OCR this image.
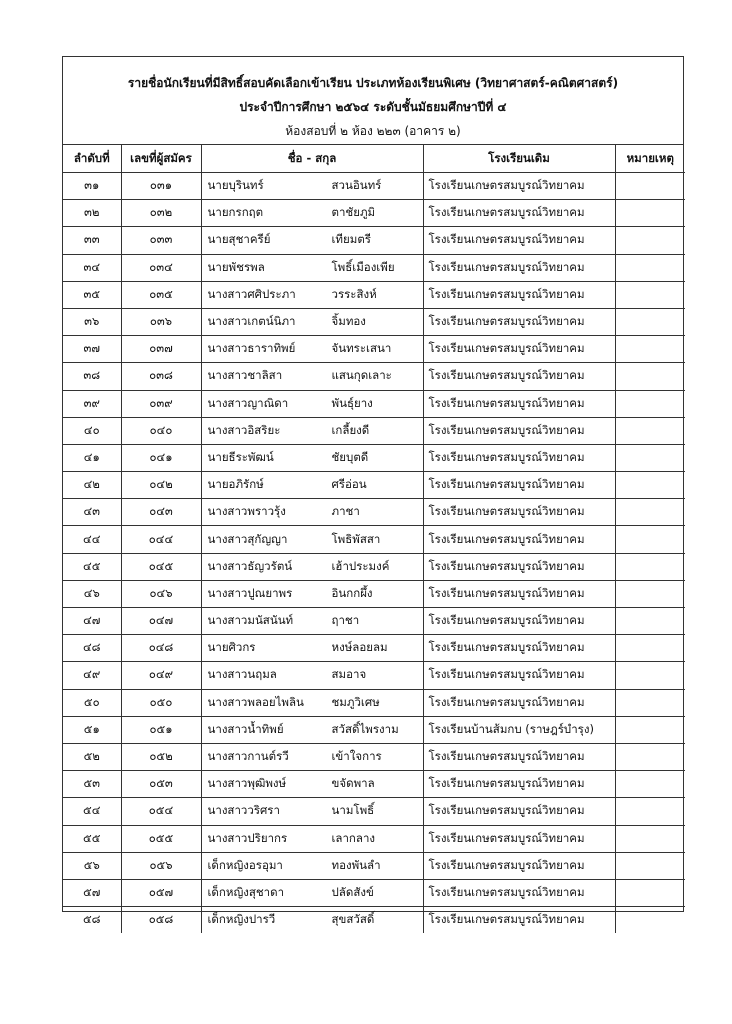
รายชื่อนักเรียนที่มีสิทธิ์สอบคัดเลือกเข้าเรียน ประเภทห้องเรียนพิเศษ (วิทยาศาสตร์-คณิตศาสตร์)
ประจำปีการศึกษา ๒๕๖๔ ระดับชั้นมัธยมศึกษาปีที่ ๔
ห้องสอบที่ ๒ ห้อง ๒๒๓ (อาคาร ๒)
ลำดับที่	เลขที่ผู้สมัคร	ชื่อ - สกุล	โรงเรียนเดิม	หมายเหตุ
๓๑	๐๓๑	นายบุรินทร์ สวนอินทร์	โรงเรียนเกษตรสมบูรณ์วิทยาคม	
๓๒	๐๓๒	นายกรกฤต ตาชัยภูมิ	โรงเรียนเกษตรสมบูรณ์วิทยาคม	
๓๓	๐๓๓	นายสุชาครีย์ เทียมตรี	โรงเรียนเกษตรสมบูรณ์วิทยาคม	
๓๔	๐๓๔	นายพัชรพล โพธิ์เมืองเพีย	โรงเรียนเกษตรสมบูรณ์วิทยาคม	
๓๕	๐๓๕	นางสาวศศิประภา วรระสิงห์	โรงเรียนเกษตรสมบูรณ์วิทยาคม	
๓๖	๐๓๖	นางสาวเกตน์นิภา จิ้มทอง	โรงเรียนเกษตรสมบูรณ์วิทยาคม	
๓๗	๐๓๗	นางสาวธาราทิพย์ จันทระเสนา	โรงเรียนเกษตรสมบูรณ์วิทยาคม	
๓๘	๐๓๘	นางสาวชาลิสา แสนกุดเลาะ	โรงเรียนเกษตรสมบูรณ์วิทยาคม	
๓๙	๐๓๙	นางสาวญาณิดา พันธุ์ยาง	โรงเรียนเกษตรสมบูรณ์วิทยาคม	
๔๐	๐๔๐	นางสาวอิสริยะ เกลี้ยงดี	โรงเรียนเกษตรสมบูรณ์วิทยาคม	
๔๑	๐๔๑	นายธีระพัฒน์ ชัยบุตดี	โรงเรียนเกษตรสมบูรณ์วิทยาคม	
๔๒	๐๔๒	นายอภิรักษ์ ศรีอ่อน	โรงเรียนเกษตรสมบูรณ์วิทยาคม	
๔๓	๐๔๓	นางสาวพราวรุ้ง ภาชา	โรงเรียนเกษตรสมบูรณ์วิทยาคม	
๔๔	๐๔๔	นางสาวสุกัญญา โพธิพัสสา	โรงเรียนเกษตรสมบูรณ์วิทยาคม	
๔๕	๐๔๕	นางสาวธัญวรัตน์ เฮ้าประมงค์	โรงเรียนเกษตรสมบูรณ์วิทยาคม	
๔๖	๐๔๖	นางสาวปูณยาพร อินกกผึ้ง	โรงเรียนเกษตรสมบูรณ์วิทยาคม	
๔๗	๐๔๗	นางสาวมนัสนันท์ ฤาชา	โรงเรียนเกษตรสมบูรณ์วิทยาคม	
๔๘	๐๔๘	นายศิวกร หงษ์ลอยลม	โรงเรียนเกษตรสมบูรณ์วิทยาคม	
๔๙	๐๔๙	นางสาวนฤมล สมอาจ	โรงเรียนเกษตรสมบูรณ์วิทยาคม	
๕๐	๐๕๐	นางสาวพลอยไพลิน ชมภูวิเศษ	โรงเรียนเกษตรสมบูรณ์วิทยาคม	
๕๑	๐๕๑	นางสาวน้ำทิพย์ สวัสดิ์ไพรงาม	โรงเรียนบ้านส้มกบ (ราษฎร์บำรุง)	
๕๒	๐๕๒	นางสาวกานต์รวี เข้าใจการ	โรงเรียนเกษตรสมบูรณ์วิทยาคม	
๕๓	๐๕๓	นางสาวพุฒิพงษ์ ขจัดพาล	โรงเรียนเกษตรสมบูรณ์วิทยาคม	
๕๔	๐๕๔	นางสาววริศรา นามโพธิ์	โรงเรียนเกษตรสมบูรณ์วิทยาคม	
๕๕	๐๕๕	นางสาวปริยากร เลากลาง	โรงเรียนเกษตรสมบูรณ์วิทยาคม	
๕๖	๐๕๖	เด็กหญิงอรอุมา ทองพันลำ	โรงเรียนเกษตรสมบูรณ์วิทยาคม	
๕๗	๐๕๗	เด็กหญิงสุชาดา ปลัดสังข์	โรงเรียนเกษตรสมบูรณ์วิทยาคม	
๕๘	๐๕๘	เด็กหญิงปารวี สุขสวัสดิ์	โรงเรียนเกษตรสมบูรณ์วิทยาคม	
